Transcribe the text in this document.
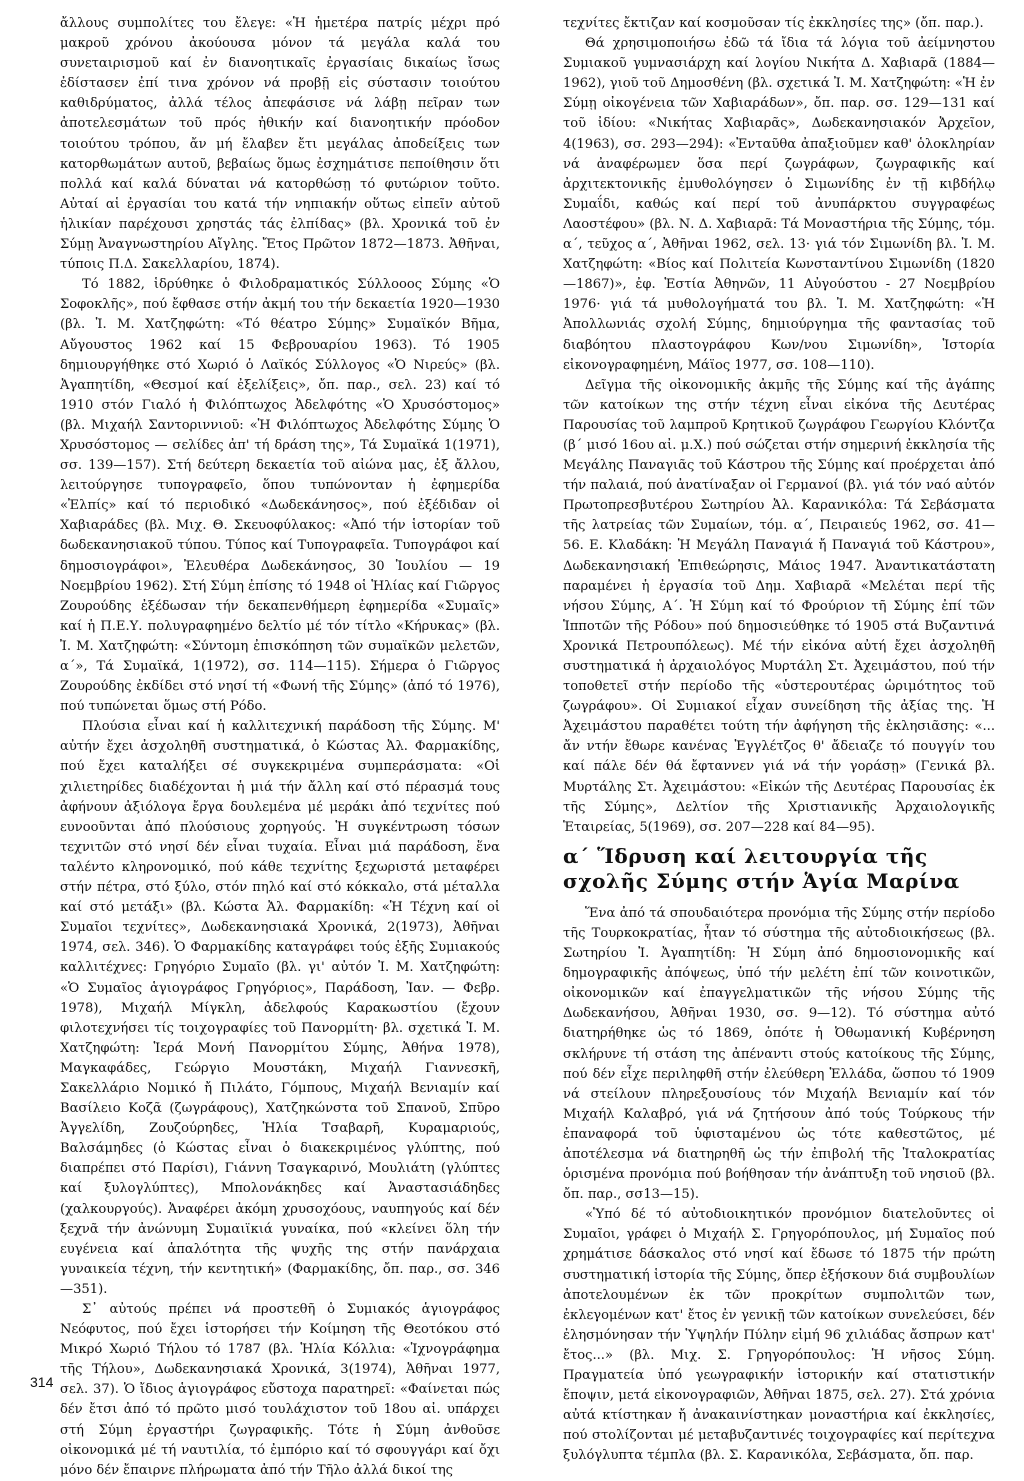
ἄλλους συμπολίτες του ἔλεγε: «Ἡ ἡμετέρα πατρίς μέχρι πρό μακροῦ χρόνου ἀκούουσα μόνον τά μεγάλα καλά του συνεταιρισμοῦ καί ἐν διανοητικαῖς ἐργασίαις δικαίως ἴσως ἐδίστασεν ἐπί τινα χρόνον νά προβῇ εἰς σύστασιν τοιούτου καθιδρύματος, ἀλλά τέλος ἀπεφάσισε νά λάβῃ πεῖραν των ἀποτελεσμάτων τοῦ πρός ἠθικήν καί διανοητικήν πρόοδον τοιούτου τρόπου, ἄν μή ἔλαβεν ἔτι μεγάλας ἀποδείξεις των κατορθωμάτων αυτοῦ, βεβαίως ὅμως ἐσχημάτισε πεποίθησιν ὅτι πολλά καί καλά δύναται νά κατορθώσῃ τό φυτώριον τοῦτο. Αὐταί αἱ ἐργασίαι του κατά τήν νηπιακήν οὕτως εἰπεῖν αὐτοῦ ἡλικίαν παρέχουσι χρηστάς τάς ἐλπίδας» (βλ. Χρονικά τοῦ ἐν Σύμῃ Ἀναγνωστηρίου Αἴγλης. Ἔτος Πρῶτον 1872—1873. Ἀθῆναι, τύποις Π.Δ. Σακελλαρίου, 1874).

Τό 1882, ἱδρύθηκε ὁ Φιλοδραματικός Σύλλοoος Σύμης «Ὁ Σοφοκλῆς», πού ἔφθασε στήν ἀκμή του τήν δεκαετία 1920—1930 (βλ. Ἰ. Μ. Χατζηφώτη: «Τό θέατρο Σύμης» Συμαϊκόν Βῆμα, Αὔγουστος 1962 καί 15 Φεβρουαρίου 1963). Τό 1905 δημιουργήθηκε στό Χωριό ὁ Λαϊκός Σύλλογος «Ὁ Νιρεύς» (βλ. Ἀγαπητίδη, «Θεσμοί καί ἐξελίξεις», ὄπ. παρ., σελ. 23) καί τό 1910 στόν Γιαλό ἡ Φιλόπτωχος Ἀδελφότης «Ὁ Χρυσόστομος» (βλ. Μιχαήλ Σαντοριννιοῦ: «Ἡ Φιλόπτωχος Ἀδελφότης Σύμης Ὁ Χρυσόστομος — σελίδες ἀπ' τή δράση της», Τά Συμαϊκά 1(1971), σσ. 139—157). Στή δεύτερη δεκαετία τοῦ αἰώνα μας, ἐξ ἄλλου, λειτούργησε τυπογραφεῖο, ὅπου τυπώνονταν ἡ ἐφημερίδα «Ἐλπίς» καί τό περιοδικό «Δωδεκάνησος», πού ἐξέδιδαν οἱ Χαβιαράδες (βλ. Μιχ. Θ. Σκευοφύλακος: «Ἀπό τήν ἱστορίαν τοῦ δωδεκανησιακοῦ τύπου. Τύπος καί Τυπογραφεῖα. Τυπογράφοι καί δημοσιογράφοι», Ἐλευθέρα Δωδεκάνησος, 30 Ἰουλίου — 19 Νοεμβρίου 1962). Στή Σύμη ἐπίσης τό 1948 οἱ Ἡλίας καί Γιῶργος Ζουρούδης ἐξέδωσαν τήν δεκαπενθήμερη ἐφημερίδα «Συμαῖς» καί ἡ Π.Ε.Υ. πολυγραφημένο δελτίο μέ τόν τίτλο «Κήρυκας» (βλ. Ἰ. Μ. Χατζηφώτη: «Σύντομη ἐπισκόπηση τῶν συμαϊκῶν μελετῶν, α΄», Τά Συμαϊκά, 1(1972), σσ. 114—115). Σήμερα ὁ Γιῶργος Ζουρούδης ἐκδίδει στό νησί τή «Φωνή τῆς Σύμης» (ἀπό τό 1976), πού τυπώνεται ὅμως στή Ρόδο.

Πλούσια εἶναι καί ἡ καλλιτεχνική παράδοση τῆς Σύμης. Μ' αὐτήν ἔχει ἀσχοληθῆ συστηματικά, ὁ Κώστας Ἀλ. Φαρμακίδης, πού ἔχει καταλήξει σέ συγκεκριμένα συμπεράσματα: «Οἱ χιλιετηρίδες διαδέχονται ἡ μιά τήν ἄλλη καί στό πέρασμά τους ἀφήνουν ἀξιόλογα ἔργα δουλεμένα μέ μεράκι ἀπό τεχνίτες πού ευνοοῦνται ἀπό πλούσιους χορηγούς. Ἡ συγκέντρωση τόσων τεχνιτῶν στό νησί δέν εἶναι τυχαία. Εἶναι μιά παράδοση, ἕνα ταλέντο κληρονομικό, πού κάθε τεχνίτης ξεχωριστά μεταφέρει στήν πέτρα, στό ξύλο, στόν πηλό καί στό κόκκαλο, στά μέταλλα καί στό μετάξι» (βλ. Κώστα Ἀλ. Φαρμακίδη: «Ἡ Τέχνη καί οἱ Συμαῖοι τεχνίτες», Δωδεκανησιακά Χρονικά, 2(1973), Ἀθῆναι 1974, σελ. 346). Ὁ Φαρμακίδης καταγράφει τούς ἑξῆς Συμιακούς καλλιτέχνες: Γρηγόριο Συμαῖο (βλ. γι' αὐτόν Ἰ. Μ. Χατζηφώτη: «Ὁ Συμαῖος ἁγιογράφος Γρηγόριος», Παράδοση, Ἰαν. — Φεβρ. 1978), Μιχαήλ Μίγκλη, ἀδελφούς Καρακωστίου (ἔχουν φιλοτεχνήσει τίς τοιχογραφίες τοῦ Πανορμίτη· βλ. σχετικά Ἰ. Μ. Χατζηφώτη: Ἱερά Μονή Πανορμίτου Σύμης, Ἀθήνα 1978), Μαγκαφάδες, Γεώργιο Μουστάκη, Μιχαήλ Γιαννεσκῆ, Σακελλάριο Νομικό ἤ Πιλάτο, Γόμπους, Μιχαήλ Βενιαμίν καί Βασίλειο Κοζᾶ (ζωγράφους), Χατζηκώνστα τοῦ Σπανοῦ, Σπῦρο Ἀγγελίδη, Ζουζούρηδες, Ἡλία Τσαβαρῆ, Κυραμαριούς, Βαλσάμηδες (ὁ Κώστας εἶναι ὁ διακεκριμένος γλύπτης, πού διαπρέπει στό Παρίσι), Γιάννη Τσαγκαρινό, Μουλιάτη (γλύπτες καί ξυλογλύπτες), Μπολονάκηδες καί Ἀναστασιάδηδες (χαλκουργούς). Ἀναφέρει ἀκόμη χρυσοχόους, ναυπηγούς καί δέν ξεχνᾶ τήν ἀνώνυμη Συμαιϊκιά γυναίκα, πού «κλείνει ὅλη τήν ευγένεια καί ἁπαλότητα τῆς ψυχῆς της στήν πανάρχαια γυναικεία τέχνη, τήν κεντητική» (Φαρμακίδης, ὄπ. παρ., σσ. 346—351).

Σ᾽ αὐτούς πρέπει νά προστεθῆ ὁ Συμιακός ἁγιογράφος Νεόφυτος, πού ἔχει ἱστορήσει τήν Κοίμηση τῆς Θεοτόκου στό Μικρό Χωριό Τήλου τό 1787 (βλ. Ἡλία Κόλλια: «Ἰχνογράφημα τῆς Τήλου», Δωδεκανησιακά Χρονικά, 3(1974), Ἀθῆναι 1977, σελ. 37). Ὁ ἴδιος ἁγιογράφος εὔστοχα παρατηρεῖ: «Φαίνεται πώς δέν ἔτσι ἀπό τό πρῶτο μισό τουλάχιστον τοῦ 18ου αἰ. υπάρχει στή Σύμη ἐργαστήρι ζωγραφικῆς. Τότε ἡ Σύμη ἀνθοῦσε οἰκονομικά μέ τή ναυτιλία, τό ἐμπόριο καί τό σφουγγάρι καί ὄχι μόνο δέν ἔπαιρνε πλήρωματα ἀπό τήν Τῆλο ἀλλά δικοί της

τεχνίτες ἔκτιζαν καί κοσμοῦσαν τίς ἐκκλησίες της» (ὄπ. παρ.).

Θά χρησιμοποιήσω ἐδῶ τά ἴδια τά λόγια τοῦ ἀείμνηστου Συμιακοῦ γυμνασιάρχη καί λογίου Νικήτα Δ. Χαβιαρᾶ (1884—1962), γιοῦ τοῦ Δημοσθένη (βλ. σχετικά Ἰ. Μ. Χατζηφώτη: «Ἡ ἐν Σύμῃ οἰκογένεια τῶν Χαβιαράδων», ὄπ. παρ. σσ. 129—131 καί τοῦ ἰδίου: «Νικήτας Χαβιαρᾶς», Δωδεκανησιακόν Ἀρχεῖον, 4(1963), σσ. 293—294): «Ἐνταῦθα ἀπαξιοῦμεν καθ' ὁλοκληρίαν νά ἀναφέρωμεν ὅσα περί ζωγράφων, ζωγραφικῆς καί ἀρχιτεκτονικῆς ἐμυθολόγησεν ὁ Σιμωνίδης ἐν τῇ κιβδήλῳ Συμαΐδι, καθώς καί περί τοῦ ἀνυπάρκτου συγγραφέως Λαοστέφου» (βλ. Ν. Δ. Χαβιαρᾶ: Τά Μοναστήρια τῆς Σύμης, τόμ. α΄, τεῦχος α΄, Ἀθῆναι 1962, σελ. 13· γιά τόν Σιμωνίδη βλ. Ἰ. Μ. Χατζηφώτη: «Βίος καί Πολιτεία Κωνσταντίνου Σιμωνίδη (1820—1867)», ἐφ. Ἑστία Ἀθηνῶν, 11 Αὐγούστου - 27 Νοεμβρίου 1976· γιά τά μυθολογήματά του βλ. Ἰ. Μ. Χατζηφώτη: «Ἡ Ἀπολλωνιάς σχολή Σύμης, δημιούργημα τῆς φαντασίας τοῦ διαβόητου πλαστογράφου Κων/νου Σιμωνίδη», Ἱστορία εἰκονογραφημένη, Μάϊος 1977, σσ. 108—110).

Δεῖγμα τῆς οἰκονομικῆς ἀκμῆς τῆς Σύμης καί τῆς ἀγάπης τῶν κατοίκων της στήν τέχνη εἶναι εἰκόνα τῆς Δευτέρας Παρουσίας τοῦ λαμπροῦ Κρητικοῦ ζωγράφου Γεωργίου Κλόντζα (β΄ μισό 16ου αἰ. μ.Χ.) πού σώζεται στήν σημερινή ἐκκλησία τῆς Μεγάλης Παναγιᾶς τοῦ Κάστρου τῆς Σύμης καί προέρχεται ἀπό τήν παλαιά, πού ἀνατίναξαν οἱ Γερμανοί (βλ. γιά τόν ναό αὐτόν Πρωτοπρεσβυτέρου Σωτηρίου Ἀλ. Καρανικόλα: Τά Σεβάσματα τῆς λατρείας τῶν Συμαίων, τόμ. α΄, Πειραιεύς 1962, σσ. 41—56. Ε. Κλαδάκη: Ἡ Μεγάλη Παναγιά ἤ Παναγιά τοῦ Κάστρου», Δωδεκανησιακή Ἐπιθεώρησις, Μάιος 1947. Ἀναντικατάστατη παραμένει ἡ ἐργασία τοῦ Δημ. Χαβιαρᾶ «Μελέται περί τῆς νήσου Σύμης, Α΄. Ἡ Σύμη καί τό Φρούριον τῆ Σύμης ἐπί τῶν Ἱπποτῶν τῆς Ρόδου» πού δημοσιεύθηκε τό 1905 στά Βυζαντινά Χρονικά Πετρουπόλεως). Μέ τήν εἰκόνα αὐτή ἔχει ἀσχοληθῆ συστηματικά ἡ ἀρχαιολόγος Μυρτάλη Στ. Ἀχειμάστου, πού τήν τοποθετεῖ στήν περίοδο τῆς «ὑστερουτέρας ὡριμότητος τοῦ ζωγράφου». Οἱ Συμιακοί εἶχαν συνείδηση τῆς ἀξίας της. Ἡ Ἀχειμάστου παραθέτει τούτη τήν ἀφήγηση τῆς ἐκλησιᾶσης: «... ἄν ντήν ἔθωρε κανένας Ἐγγλέτζος θ' ἄδειαζε τό πουγγίν του καί πάλε δέν θά ἔφταννεν γιά νά τήν γοράσῃ» (Γενικά βλ. Μυρτάλης Στ. Ἀχειμάστου: «Εἰκών τῆς Δευτέρας Παρουσίας ἐκ τῆς Σύμης», Δελτίον τῆς Χριστιανικῆς Ἀρχαιολογικῆς Ἑταιρείας, 5(1969), σσ. 207—228 καί 84—95).

α΄ Ἵδρυση καί λειτουργία τῆς σχολῆς Σύμης στήν Ἁγία Μαρίνα

Ἕνα ἀπό τά σπουδαιότερα προνόμια τῆς Σύμης στήν περίοδο τῆς Τουρκοκρατίας, ἦταν τό σύστημα τῆς αὐτοδιοικήσεως (βλ. Σωτηρίου Ἰ. Ἀγαπητίδη: Ἡ Σύμη ἀπό δημοσιονομικῆς καί δημογραφικῆς ἀπόψεως, ὑπό τήν μελέτη ἐπί τῶν κοινοτικῶν, οἰκονομικῶν καί ἐπαγγελματικῶν τῆς νήσου Σύμης τῆς Δωδεκανήσου, Ἀθῆναι 1930, σσ. 9—12). Τό σύστημα αὐτό διατηρήθηκε ὡς τό 1869, ὁπότε ἡ Ὀθωμανική Κυβέρνηση σκλήρυνε τή στάση της ἀπέναντι στούς κατοίκους τῆς Σύμης, πού δέν εἶχε περιληφθῆ στήν ἐλεύθερη Ἑλλάδα, ὥσπου τό 1909 νά στείλουν πληρεξουσίους τόν Μιχαήλ Βενιαμίν καί τόν Μιχαήλ Καλαβρό, γιά νά ζητήσουν ἀπό τούς Τούρκους τήν ἐπαναφορά τοῦ ὑφισταμένου ὡς τότε καθεστῶτος, μέ ἀποτέλεσμα νά διατηρηθῆ ὡς τήν ἐπιβολή τῆς Ἰταλοκρατίας ὁρισμένα προνόμια πού βοήθησαν τήν ἀνάπτυξη τοῦ νησιοῦ (βλ. ὄπ. παρ., σσ13—15).

«Ὑπό δέ τό αὐτοδιοικητικόν προνόμιον διατελοῦντες οἱ Συμαῖοι, γράφει ὁ Μιχαήλ Σ. Γρηγορόπουλος, μή Συμαῖος πού χρημάτισε δάσκαλος στό νησί καί ἔδωσε τό 1875 τήν πρώτη συστηματική ἱστορία τῆς Σύμης, ὄπερ ἐξήσκουν διά συμβουλίων ἀποτελουμένων ἐκ τῶν προκρίτων συμπολιτῶν των, ἐκλεγομένων κατ' ἔτος ἐν γενικῇ τῶν κατοίκων συνελεύσει, δέν ἐλησμόνησαν τήν Ὑψηλήν Πύλην εἰμή 96 χιλιάδας ἄσπρων κατ' ἔτος...» (βλ. Μιχ. Σ. Γρηγορόπουλος: Ἡ νῆσος Σύμη. Πραγματεία ὑπό γεωγραφικήν ἱστορικήν καί στατιστικήν ἔποψιν, μετά εἰκονογραφιῶν, Ἀθῆναι 1875, σελ. 27). Στά χρόνια αὐτά κτίστηκαν ἤ ἀνακαινίστηκαν μοναστήρια καί ἐκκλησίες, πού στολίζονται μέ μεταβυζαντινές τοιχογραφίες καί περίτεχνα ξυλόγλυπτα τέμπλα (βλ. Σ. Καρανικόλα, Σεβάσματα, ὄπ. παρ.

314
